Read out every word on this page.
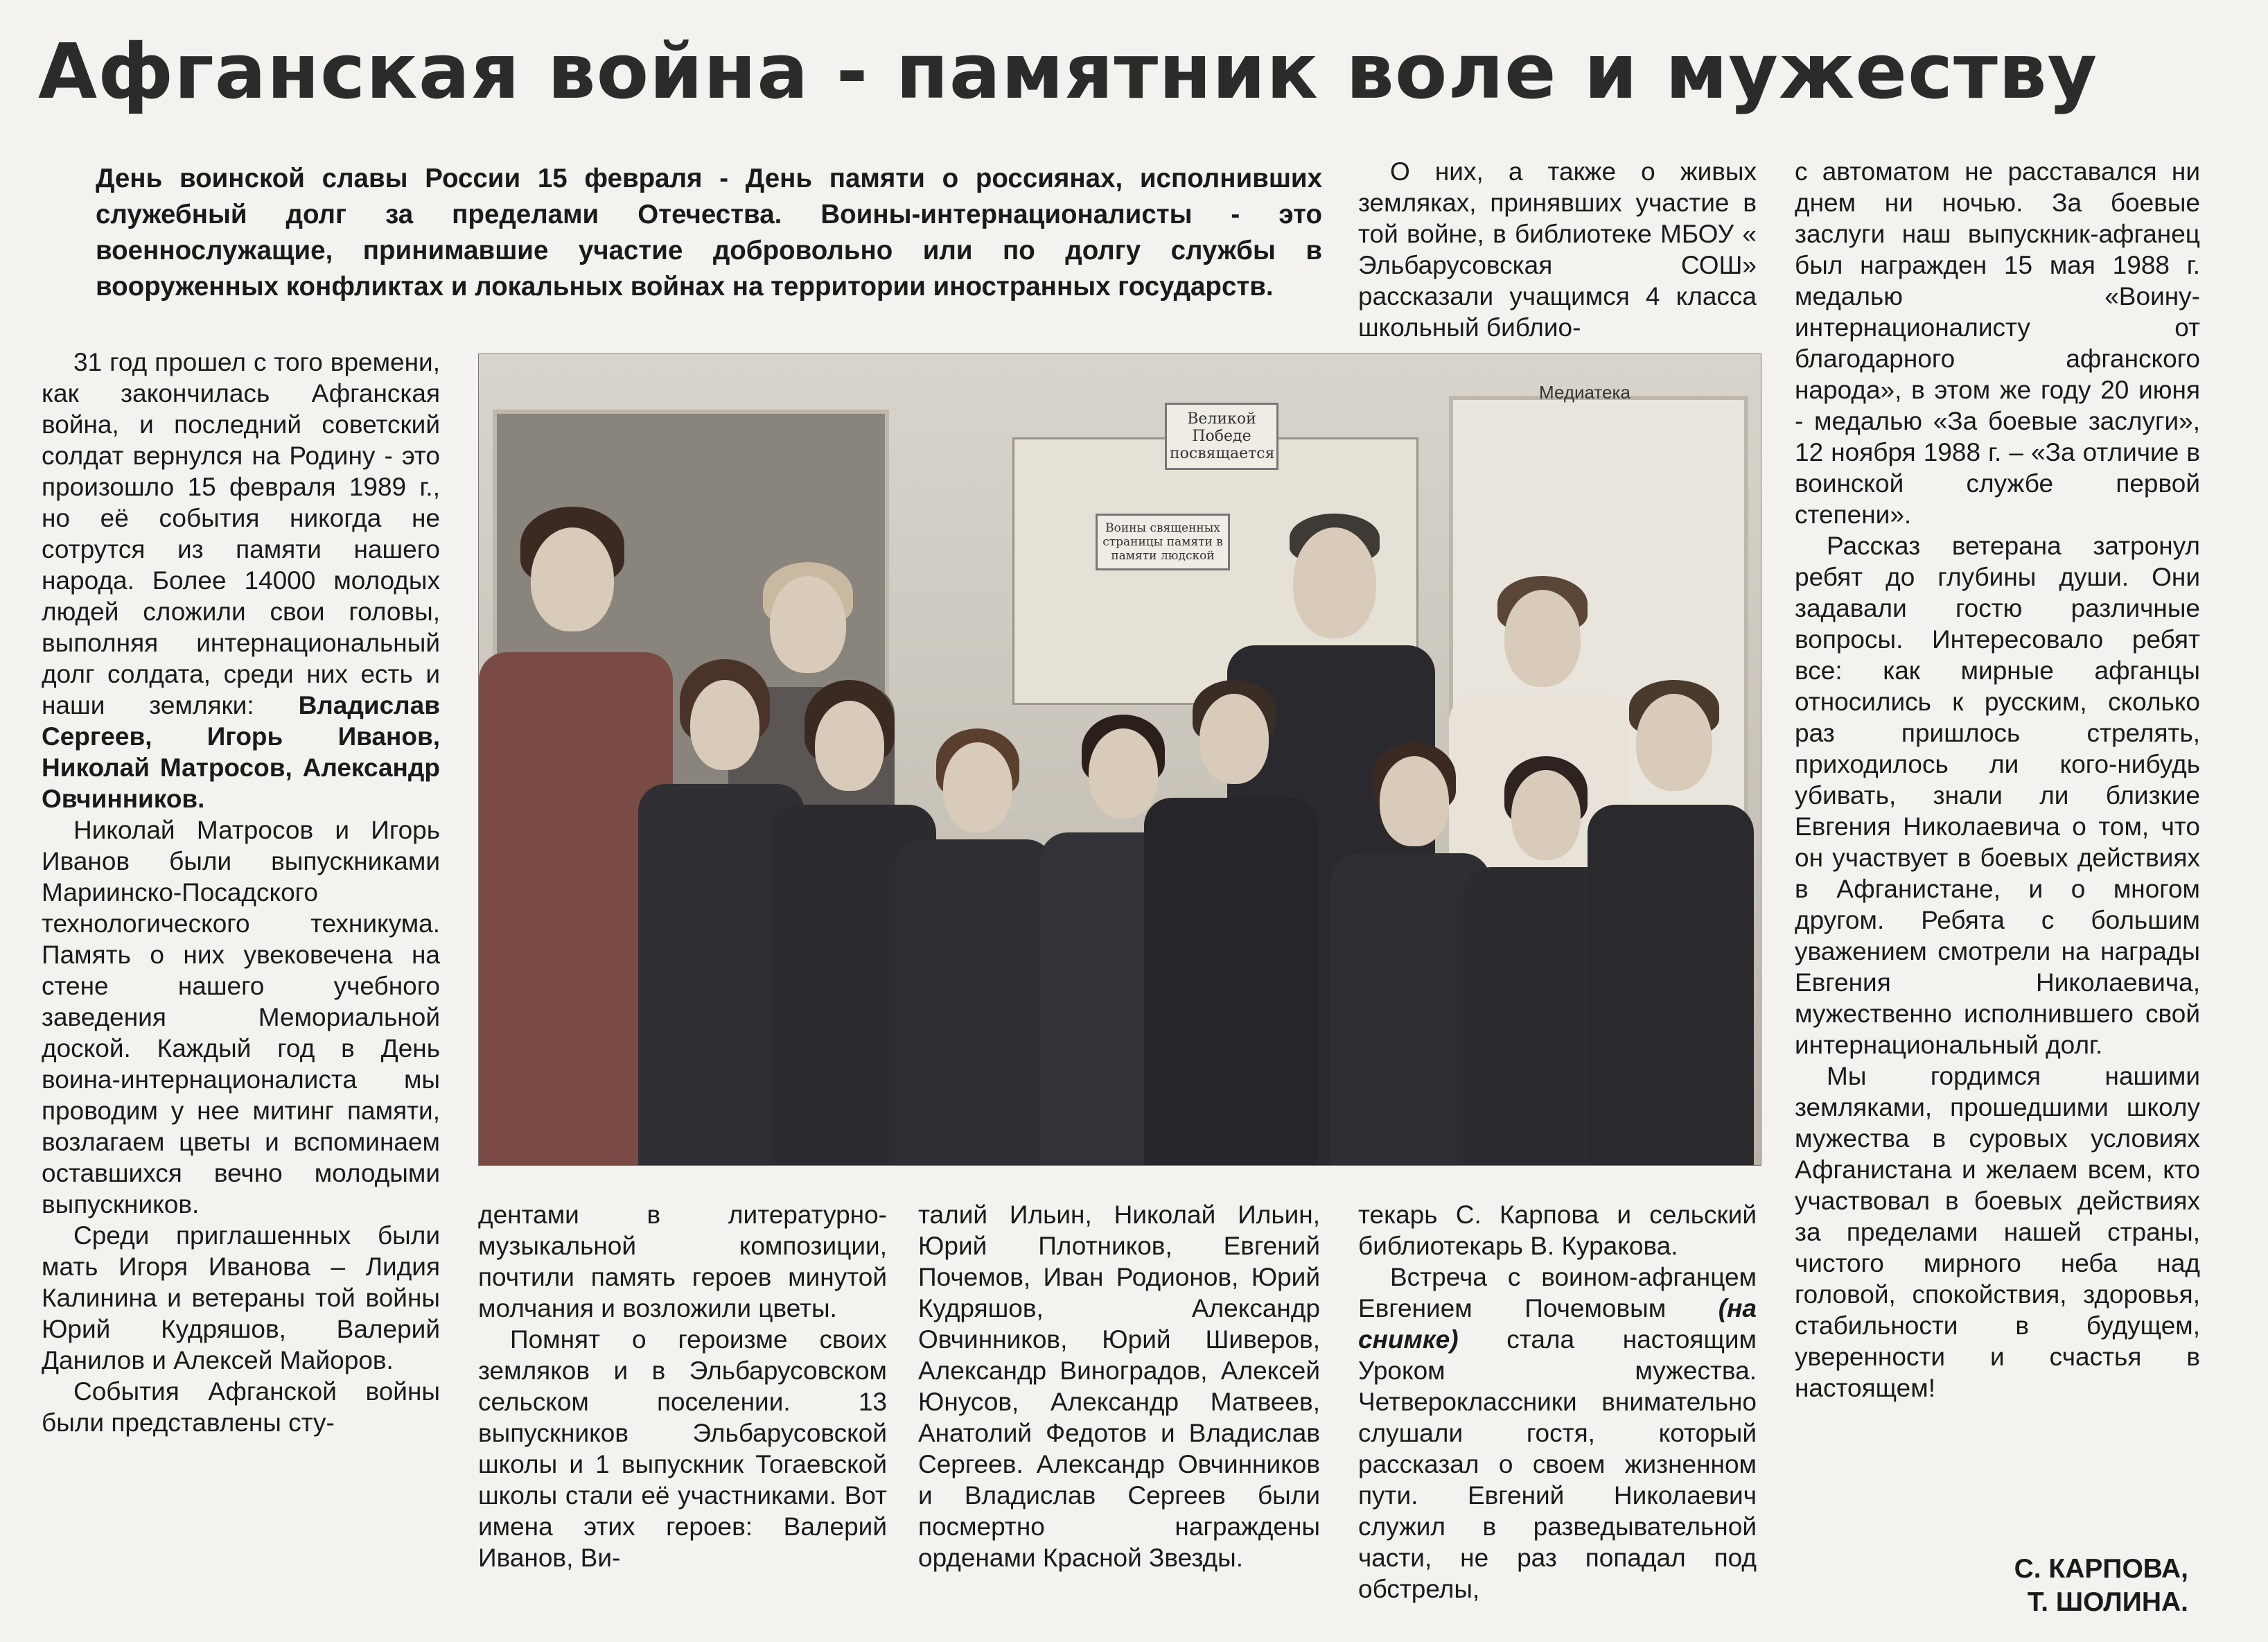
Афганская война - памятник воле и мужеству

День воинской славы России 15 февраля - День памяти о россиянах, исполнивших служебный долг за пределами Отечества. Воины-интернационалисты - это военнослужащие, принимавшие участие добровольно или по долгу службы в вооруженных конфликтах и локальных войнах на территории иностранных государств.

31 год прошел с того времени, как закончилась Афганская война, и последний советский солдат вернулся на Родину - это произошло 15 февраля 1989 г., но её события никогда не сотрутся из памяти нашего народа. Более 14000 молодых людей сложили свои головы, выполняя интернациональный долг солдата, среди них есть и наши земляки: Владислав Сергеев, Игорь Иванов, Николай Матросов, Александр Овчинников.

Николай Матросов и Игорь Иванов были выпускниками Мариинско-Посадского технологического техникума. Память о них увековечена на стене нашего учебного заведения Мемориальной доской. Каждый год в День воина-интернационалиста мы проводим у нее митинг памяти, возлагаем цветы и вспоминаем оставшихся вечно молодыми выпускников.

Среди приглашенных были мать Игоря Иванова – Лидия Калинина и ветераны той войны Юрий Кудряшов, Валерий Данилов и Алексей Майоров.

События Афганской войны были представлены сту-

Великой Победе посвящается
Воины священных страницы памяти в памяти людской
Медиатека

дентами в литературно-музыкальной композиции, почтили память героев минутой молчания и возложили цветы.

Помнят о героизме своих земляков и в Эльбарусовском сельском поселении. 13 выпускников Эльбарусовской школы и 1 выпускник Тогаевской школы стали её участниками. Вот имена этих героев: Валерий Иванов, Ви-

талий Ильин, Николай Ильин, Юрий Плотников, Евгений Почемов, Иван Родионов, Юрий Кудряшов, Александр Овчинников, Юрий Шиверов, Александр Виноградов, Алексей Юнусов, Александр Матвеев, Анатолий Федотов и Владислав Сергеев. Александр Овчинников и Владислав Сергеев были посмертно награждены орденами Красной Звезды.

О них, а также о живых земляках, принявших участие в той войне, в библиотеке МБОУ « Эльбарусовская СОШ» рассказали учащимся 4 класса школьный библио-

текарь С. Карпова и сельский библиотекарь В. Куракова.

Встреча с воином-афганцем Евгением Почемовым (на снимке) стала настоящим Уроком мужества. Четвероклассники внимательно слушали гостя, который рассказал о своем жизненном пути. Евгений Николаевич служил в разведывательной части, не раз попадал под обстрелы,

с автоматом не расставался ни днем ни ночью. За боевые заслуги наш выпускник-афганец был награжден 15 мая 1988 г. медалью «Воину-интернационалисту от благодарного афганского народа», в этом же году 20 июня - медалью «За боевые заслуги», 12 ноября 1988 г. – «За отличие в воинской службе первой степени».

Рассказ ветерана затронул ребят до глубины души. Они задавали гостю различные вопросы. Интересовало ребят все: как мирные афганцы относились к русским, сколько раз пришлось стрелять, приходилось ли кого-нибудь убивать, знали ли близкие Евгения Николаевича о том, что он участвует в боевых действиях в Афганистане, и о многом другом. Ребята с большим уважением смотрели на награды Евгения Николаевича, мужественно исполнившего свой интернациональный долг.

Мы гордимся нашими земляками, прошедшими школу мужества в суровых условиях Афганистана и желаем всем, кто участвовал в боевых действиях за пределами нашей страны, чистого мирного неба над головой, спокойствия, здоровья, стабильности в будущем, уверенности и счастья в настоящем!

С. КАРПОВА,
Т. ШОЛИНА.
